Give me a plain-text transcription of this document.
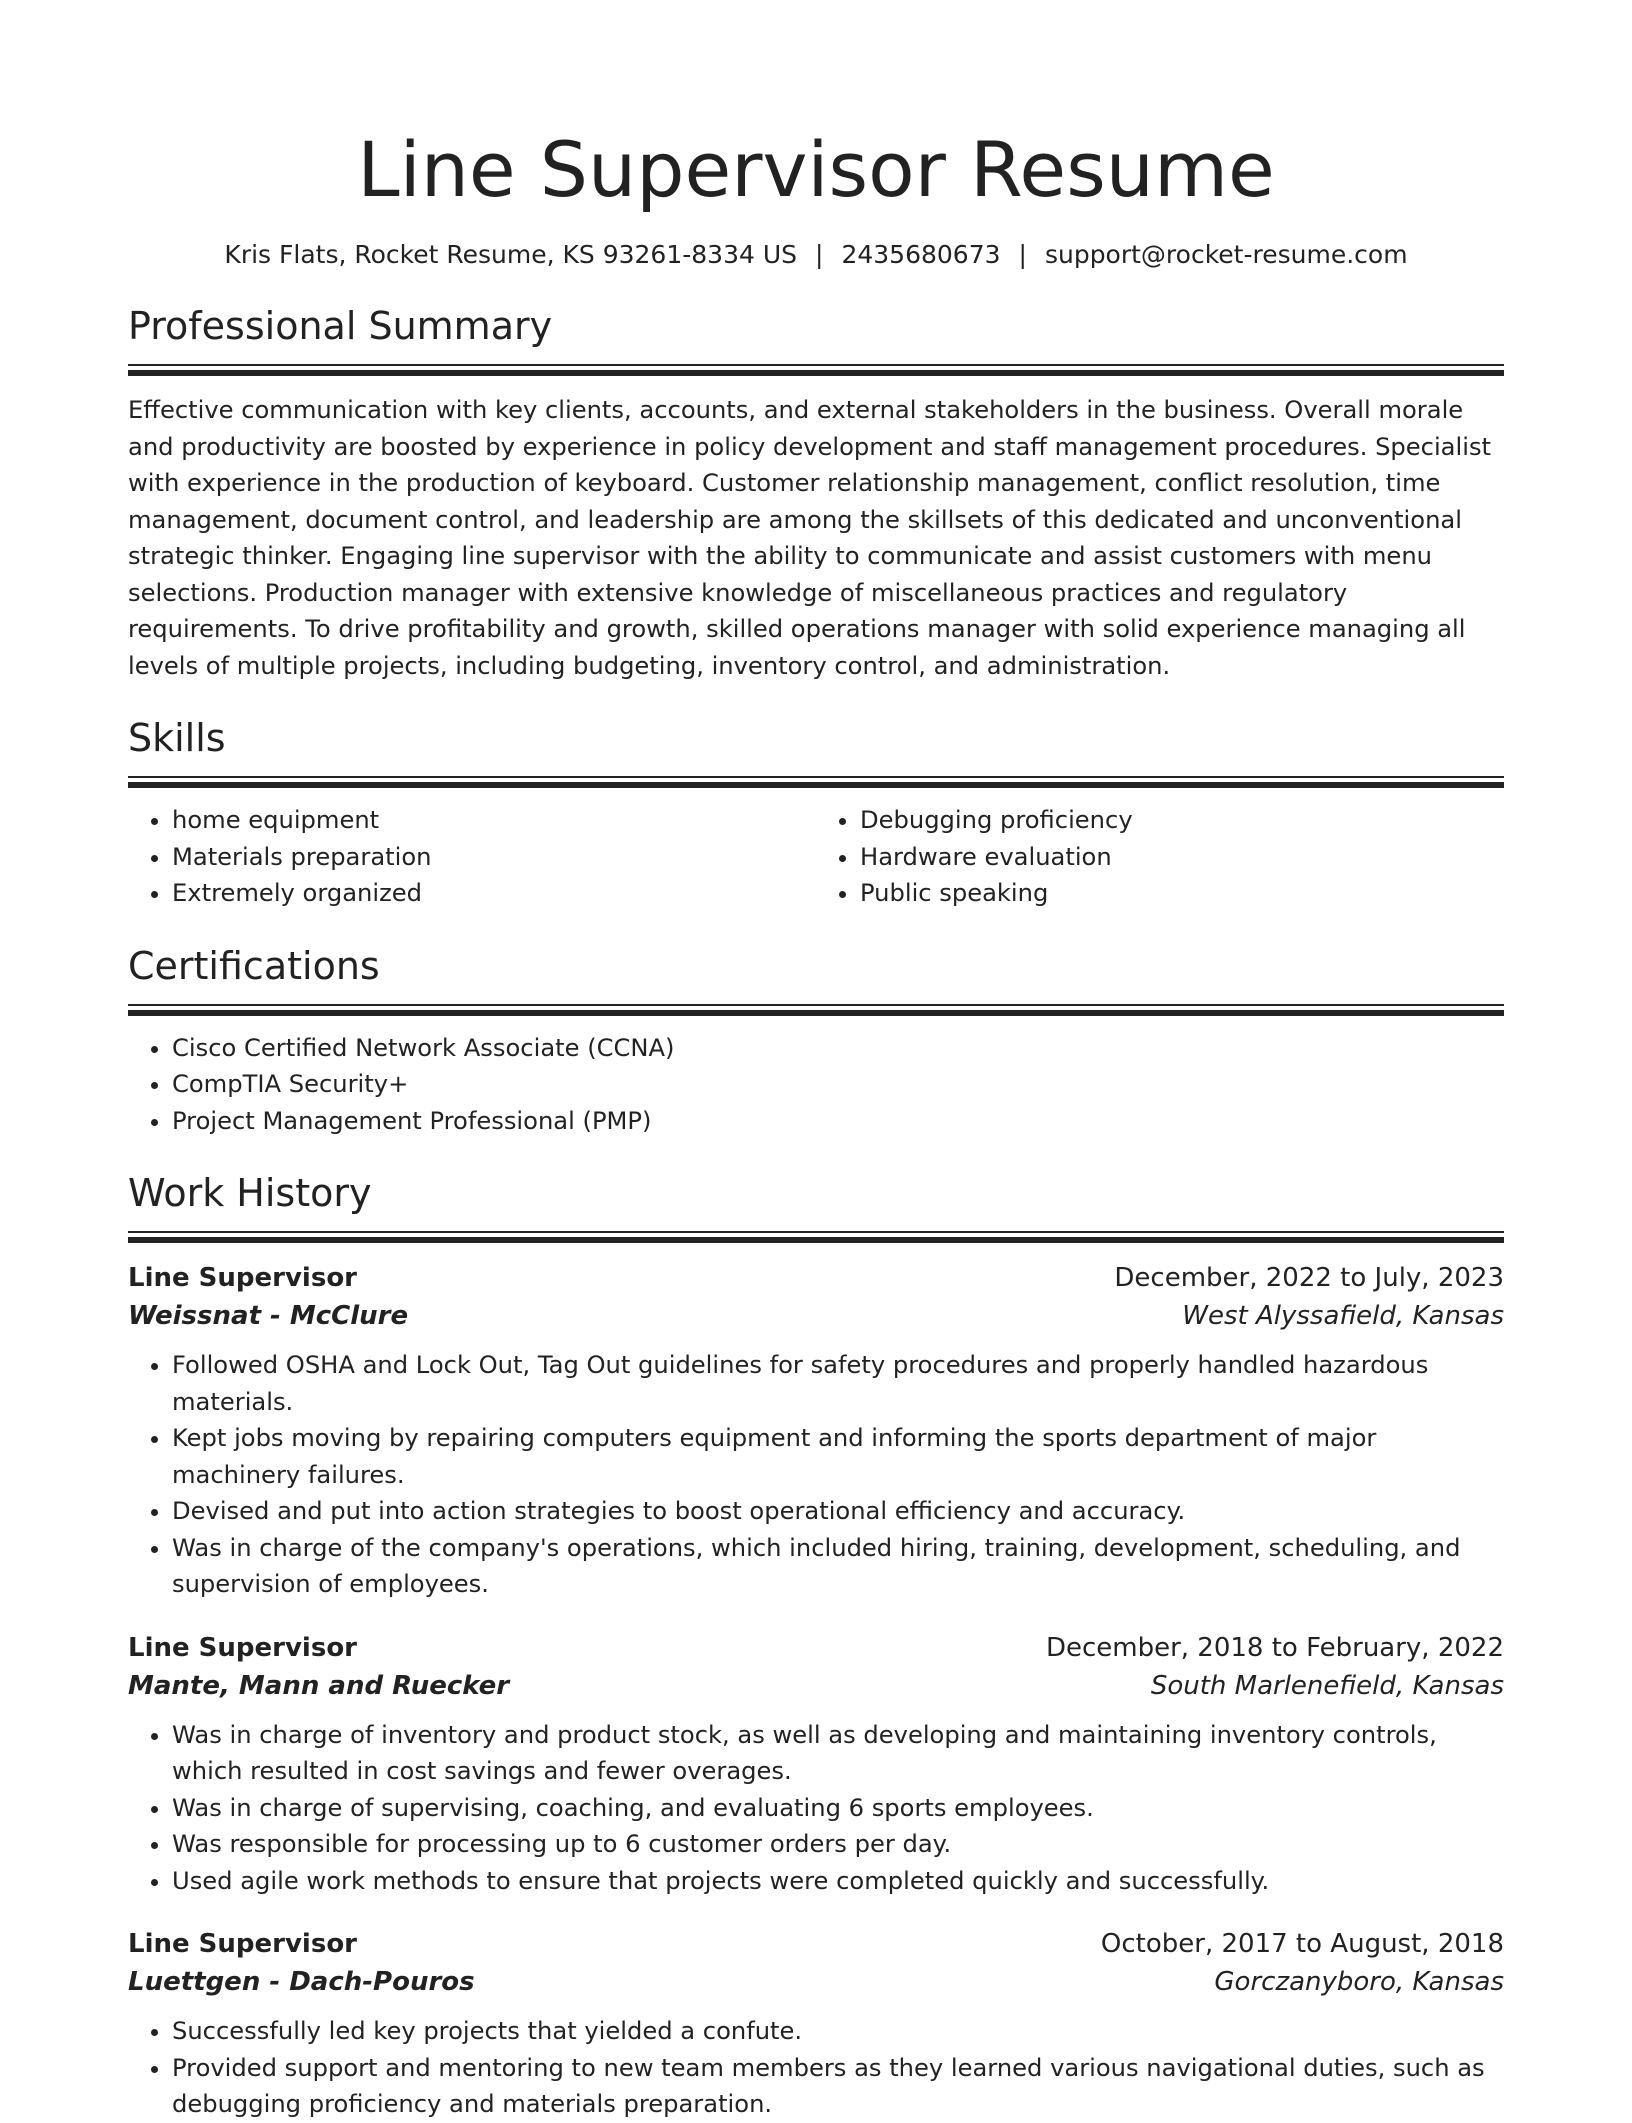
Line Supervisor Resume
Kris Flats, Rocket Resume, KS 93261-8334 US | 2435680673 | support@rocket-resume.com
Professional Summary
Effective communication with key clients, accounts, and external stakeholders in the business. Overall morale and productivity are boosted by experience in policy development and staff management procedures. Specialist with experience in the production of keyboard. Customer relationship management, conflict resolution, time management, document control, and leadership are among the skillsets of this dedicated and unconventional strategic thinker. Engaging line supervisor with the ability to communicate and assist customers with menu selections. Production manager with extensive knowledge of miscellaneous practices and regulatory requirements. To drive profitability and growth, skilled operations manager with solid experience managing all levels of multiple projects, including budgeting, inventory control, and administration.
Skills
• home equipment
• Materials preparation
• Extremely organized
• Debugging proficiency
• Hardware evaluation
• Public speaking
Certifications
• Cisco Certified Network Associate (CCNA)
• CompTIA Security+
• Project Management Professional (PMP)
Work History
Line Supervisor	December, 2022 to July, 2023
Weissnat - McClure	West Alyssafield, Kansas
• Followed OSHA and Lock Out, Tag Out guidelines for safety procedures and properly handled hazardous materials.
• Kept jobs moving by repairing computers equipment and informing the sports department of major machinery failures.
• Devised and put into action strategies to boost operational efficiency and accuracy.
• Was in charge of the company's operations, which included hiring, training, development, scheduling, and supervision of employees.
Line Supervisor	December, 2018 to February, 2022
Mante, Mann and Ruecker	South Marlenefield, Kansas
• Was in charge of inventory and product stock, as well as developing and maintaining inventory controls, which resulted in cost savings and fewer overages.
• Was in charge of supervising, coaching, and evaluating 6 sports employees.
• Was responsible for processing up to 6 customer orders per day.
• Used agile work methods to ensure that projects were completed quickly and successfully.
Line Supervisor	October, 2017 to August, 2018
Luettgen - Dach-Pouros	Gorczanyboro, Kansas
• Successfully led key projects that yielded a confute.
• Provided support and mentoring to new team members as they learned various navigational duties, such as debugging proficiency and materials preparation.
